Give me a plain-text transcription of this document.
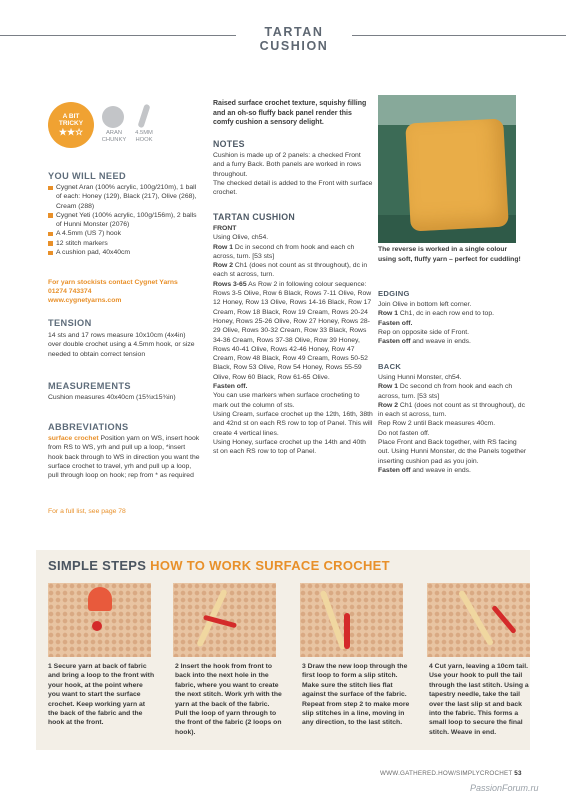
TARTAN CUSHION
A BIT
TRICKY
★★☆	ARAN CHUNKY
4.5MM HOOK
YOU WILL NEED
Cygnet Aran (100% acrylic, 100g/210m), 1 ball of each: Honey (129), Black (217), Olive (268), Cream (288)
Cygnet Yeti (100% acrylic, 100g/156m), 2 balls of Hunni Monster (2076)
A 4.5mm (US 7) hook
12 stitch markers
A cushion pad, 40x40cm
For yarn stockists contact Cygnet Yarns 01274 743374
www.cygnetyarns.com
TENSION
14 sts and 17 rows measure 10x10cm (4x4in) over double crochet using a 4.5mm hook, or size needed to obtain correct tension
MEASUREMENTS
Cushion measures 40x40cm (15¾x15¾in)
ABBREVIATIONS
surface crochet Position yarn on WS, insert hook from RS to WS, yrh and pull up a loop, *insert hook back through to WS in direction you want the surface crochet to travel, yrh and pull up a loop, pull through loop on hook; rep from * as required
For a full list, see page 78
Raised surface crochet texture, squishy filling and an oh-so fluffy back panel render this comfy cushion a sensory delight.
NOTES
Cushion is made up of 2 panels: a checked Front and a furry Back. Both panels are worked in rows throughout.
The checked detail is added to the Front with surface crochet.
TARTAN CUSHION
FRONT
Using Olive, ch54.
Row 1 Dc in second ch from hook and each ch across, turn. [53 sts]
Row 2 Ch1 (does not count as st throughout), dc in each st across, turn.
Rows 3-65 As Row 2 in following colour sequence: Rows 3-5 Olive, Row 6 Black, Rows 7-11 Olive, Row 12 Honey, Row 13 Olive, Rows 14-16 Black, Row 17 Cream, Row 18 Black, Row 19 Cream, Rows 20-24 Honey, Rows 25-26 Olive, Row 27 Honey, Rows 28-29 Olive, Rows 30-32 Cream, Row 33 Black, Rows 34-36 Cream, Rows 37-38 Olive, Row 39 Honey, Rows 40-41 Olive, Rows 42-46 Honey, Row 47 Cream, Row 48 Black, Row 49 Cream, Rows 50-52 Black, Row 53 Olive, Row 54 Honey, Rows 55-59 Olive, Row 60 Black, Row 61-65 Olive.
Fasten off.
You can use markers when surface crocheting to mark out the column of sts.
Using Cream, surface crochet up the 12th, 16th, 38th and 42nd st on each RS row to top of Panel. This will create 4 vertical lines.
Using Honey, surface crochet up the 14th and 40th st on each RS row to top of Panel.
The reverse is worked in a single colour using soft, fluffy yarn – perfect for cuddling!
EDGING
Join Olive in bottom left corner.
Row 1 Ch1, dc in each row end to top.
Fasten off.
Rep on opposite side of Front.
Fasten off and weave in ends.
BACK
Using Hunni Monster, ch54.
Row 1 Dc second ch from hook and each ch across, turn. [53 sts]
Row 2 Ch1 (does not count as st throughout), dc in each st across, turn.
Rep Row 2 until Back measures 40cm.
Do not fasten off.
Place Front and Back together, with RS facing out. Using Hunni Monster, dc the Panels together inserting cushion pad as you join.
Fasten off and weave in ends.
SIMPLE STEPS HOW TO WORK SURFACE CROCHET
1 Secure yarn at back of fabric and bring a loop to the front with your hook, at the point where you want to start the surface crochet. Keep working yarn at the back of the fabric and the hook at the front.
2 Insert the hook from front to back into the next hole in the fabric, where you want to create the next stitch. Work yrh with the yarn at the back of the fabric. Pull the loop of yarn through to the front of the fabric (2 loops on hook).
3 Draw the new loop through the first loop to form a slip stitch. Make sure the stitch lies flat against the surface of the fabric. Repeat from step 2 to make more slip stitches in a line, moving in any direction, to the last stitch.
4 Cut yarn, leaving a 10cm tail. Use your hook to pull the tail through the last stitch. Using a tapestry needle, take the tail over the last slip st and back into the fabric. This forms a small loop to secure the final stitch. Weave in end.
WWW.GATHERED.HOW/SIMPLYCROCHET 53
PassionForum.ru
